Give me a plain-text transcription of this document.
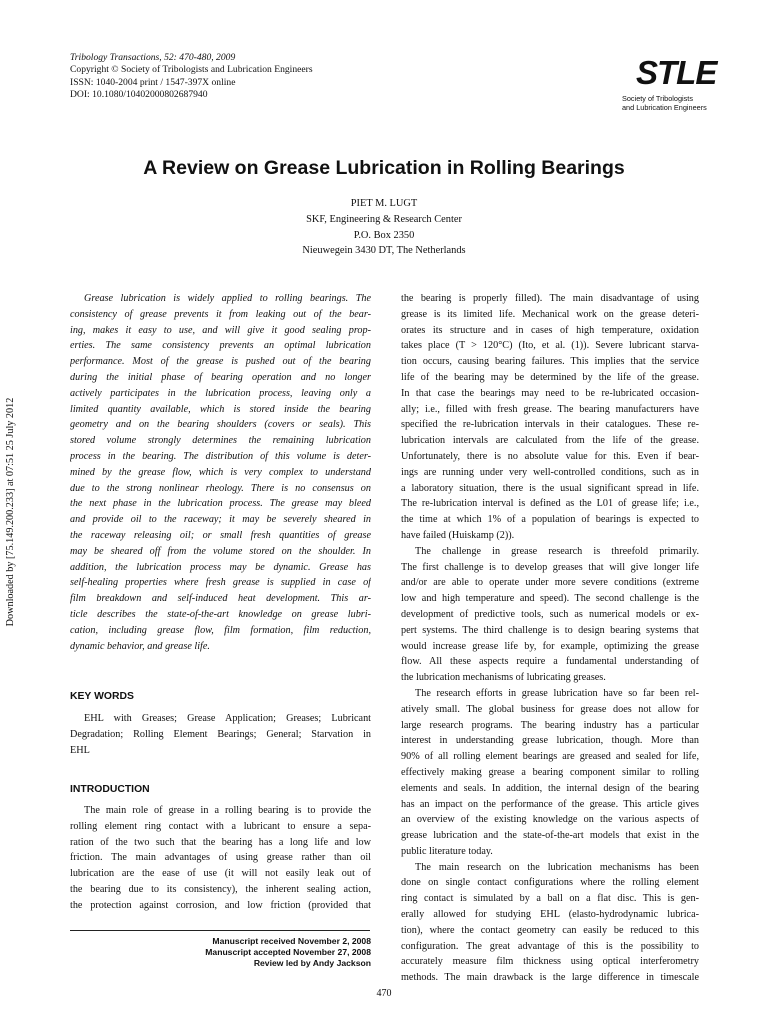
Tribology Transactions, 52: 470-480, 2009
Copyright © Society of Tribologists and Lubrication Engineers
ISSN: 1040-2004 print / 1547-397X online
DOI: 10.1080/10402000802687940
STLE
Society of Tribologists
and Lubrication Engineers
A Review on Grease Lubrication in Rolling Bearings
PIET M. LUGT
SKF, Engineering & Research Center
P.O. Box 2350
Nieuwegein 3430 DT, The Netherlands
Downloaded by [75.149.200.233] at 07:51 25 July 2012
Grease lubrication is widely applied to rolling bearings. The
consistency of grease prevents it from leaking out of the bear-
ing, makes it easy to use, and will give it good sealing prop-
erties. The same consistency prevents an optimal lubrication
performance. Most of the grease is pushed out of the bearing
during the initial phase of bearing operation and no longer
actively participates in the lubrication process, leaving only a
limited quantity available, which is stored inside the bearing
geometry and on the bearing shoulders (covers or seals). This
stored volume strongly determines the remaining lubrication
process in the bearing. The distribution of this volume is deter-
mined by the grease flow, which is very complex to understand
due to the strong nonlinear rheology. There is no consensus on
the next phase in the lubrication process. The grease may bleed
and provide oil to the raceway; it may be severely sheared in
the raceway releasing oil; or small fresh quantities of grease
may be sheared off from the volume stored on the shoulder. In
addition, the lubrication process may be dynamic. Grease has
self-healing properties where fresh grease is supplied in case of
film breakdown and self-induced heat development. This ar-
ticle describes the state-of-the-art knowledge on grease lubri-
cation, including grease flow, film formation, film reduction,
dynamic behavior, and grease life.
KEY WORDS
EHL with Greases; Grease Application; Greases; Lubricant
Degradation; Rolling Element Bearings; General; Starvation in
EHL
INTRODUCTION
The main role of grease in a rolling bearing is to provide the
rolling element ring contact with a lubricant to ensure a sepa-
ration of the two such that the bearing has a long life and low
friction. The main advantages of using grease rather than oil
lubrication are the ease of use (it will not easily leak out of
the bearing due to its consistency), the inherent sealing action,
the protection against corrosion, and low friction (provided that
the bearing is properly filled). The main disadvantage of using
grease is its limited life. Mechanical work on the grease deteri-
orates its structure and in cases of high temperature, oxidation
takes place (T > 120°C) (Ito, et al. (1)). Severe lubricant starva-
tion occurs, causing bearing failures. This implies that the service
life of the bearing may be determined by the life of the grease.
In that case the bearings may need to be re-lubricated occasion-
ally; i.e., filled with fresh grease. The bearing manufacturers have
specified the re-lubrication intervals in their catalogues. These re-
lubrication intervals are calculated from the life of the grease.
Unfortunately, there is no absolute value for this. Even if bear-
ings are running under very well-controlled conditions, such as in
a laboratory situation, there is the usual significant spread in life.
The re-lubrication interval is defined as the L01 of grease life; i.e.,
the time at which 1% of a population of bearings is expected to
have failed (Huiskamp (2)).
The challenge in grease research is threefold primarily.
The first challenge is to develop greases that will give longer life
and/or are able to operate under more severe conditions (extreme
low and high temperature and speed). The second challenge is the
development of predictive tools, such as numerical models or ex-
pert systems. The third challenge is to design bearing systems that
would increase grease life by, for example, optimizing the grease
flow. All these aspects require a fundamental understanding of
the lubrication mechanisms of lubricating greases.
The research efforts in grease lubrication have so far been rel-
atively small. The global business for grease does not allow for
large research programs. The bearing industry has a particular
interest in understanding grease lubrication, though. More than
90% of all rolling element bearings are greased and sealed for life,
effectively making grease a bearing component similar to rolling
elements and seals. In addition, the internal design of the bearing
has an impact on the performance of the grease. This article gives
an overview of the existing knowledge on the various aspects of
grease lubrication and the state-of-the-art models that exist in the
public literature today.
The main research on the lubrication mechanisms has been
done on single contact configurations where the rolling element
ring contact is simulated by a ball on a flat disc. This is gen-
erally allowed for studying EHL (elasto-hydrodynamic lubrica-
tion), where the contact geometry can easily be reduced to this
configuration. The great advantage of this is the possibility to
accurately measure film thickness using optical interferometry
methods. The main drawback is the large difference in timescale
Manuscript received November 2, 2008
Manuscript accepted November 27, 2008
Review led by Andy Jackson
470
